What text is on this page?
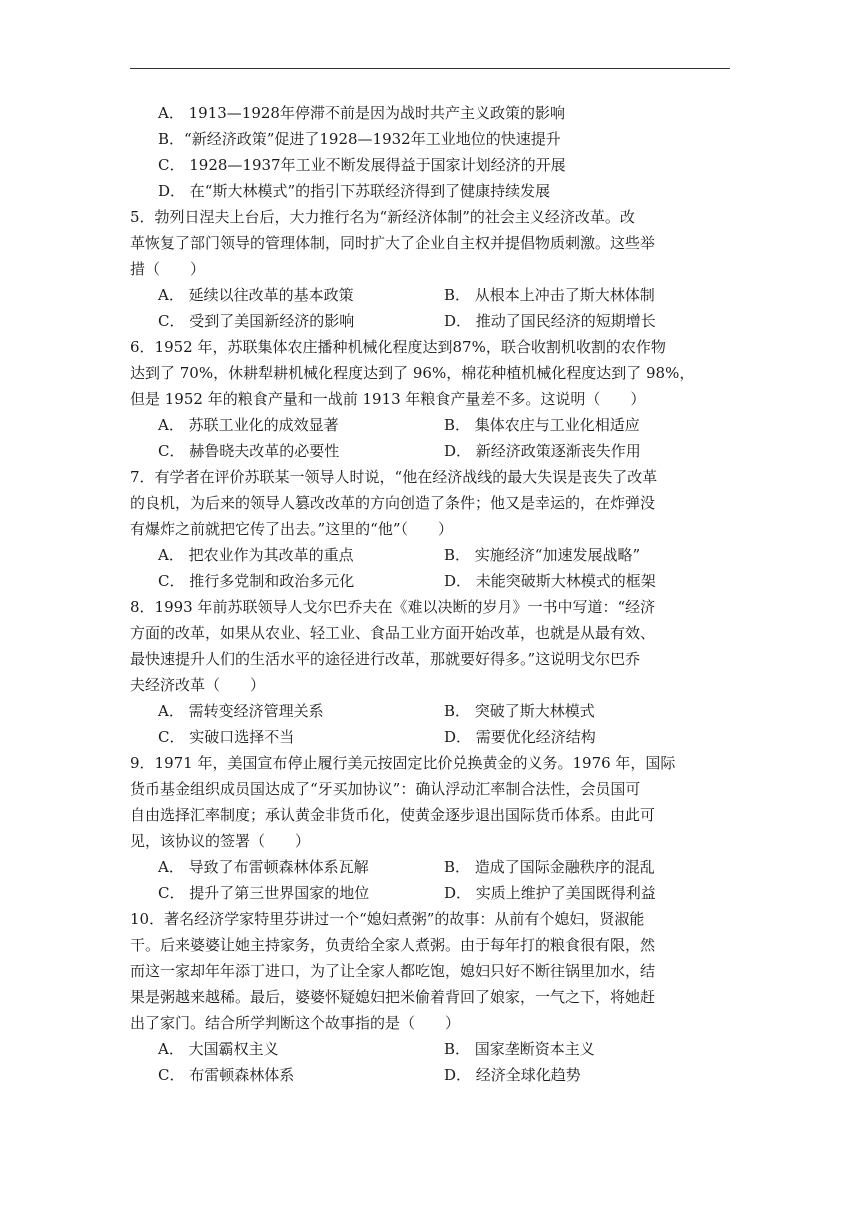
A． 1913—1928年停滞不前是因为战时共产主义政策的影响
B．“新经济政策”促进了1928—1932年工业地位的快速提升
C． 1928—1937年工业不断发展得益于国家计划经济的开展
D． 在“斯大林模式”的指引下苏联经济得到了健康持续发展

5．勃列日涅夫上台后，大力推行名为“新经济体制”的社会主义经济改革。改

革恢复了部门领导的管理体制，同时扩大了企业自主权并提倡物质刺激。这些举

措（　　）

A． 延续以往改革的基本政策	B． 从根本上冲击了斯大林体制
C． 受到了美国新经济的影响	D． 推动了国民经济的短期增长

6．1952 年，苏联集体农庄播种机械化程度达到87%，联合收割机收割的农作物

达到了 70%，休耕犁耕机械化程度达到了 96%，棉花种植机械化程度达到了 98%，

但是 1952 年的粮食产量和一战前 1913 年粮食产量差不多。这说明（　　）

A． 苏联工业化的成效显著	B． 集体农庄与工业化相适应
C． 赫鲁晓夫改革的必要性	D． 新经济政策逐渐丧失作用

7．有学者在评价苏联某一领导人时说，“他在经济战线的最大失误是丧失了改革

的良机，为后来的领导人篡改改革的方向创造了条件；他又是幸运的，在炸弹没

有爆炸之前就把它传了出去。”这里的“他”（　　）

A． 把农业作为其改革的重点	B． 实施经济“加速发展战略”
C． 推行多党制和政治多元化	D． 未能突破斯大林模式的框架

8．1993 年前苏联领导人戈尔巴乔夫在《难以决断的岁月》一书中写道：“经济

方面的改革，如果从农业、轻工业、食品工业方面开始改革，也就是从最有效、

最快速提升人们的生活水平的途径进行改革，那就要好得多。”这说明戈尔巴乔

夫经济改革（　　）

A． 需转变经济管理关系	B． 突破了斯大林模式
C． 实破口选择不当	D． 需要优化经济结构

9．1971 年，美国宣布停止履行美元按固定比价兑换黄金的义务。1976 年，国际

货币基金组织成员国达成了“牙买加协议”：确认浮动汇率制合法性，会员国可

自由选择汇率制度；承认黄金非货币化，使黄金逐步退出国际货币体系。由此可

见，该协议的签署（　　）

A． 导致了布雷顿森林体系瓦解	B． 造成了国际金融秩序的混乱
C． 提升了第三世界国家的地位	D． 实质上维护了美国既得利益

10．著名经济学家特里芬讲过一个“媳妇煮粥”的故事：从前有个媳妇，贤淑能

干。后来婆婆让她主持家务，负责给全家人煮粥。由于每年打的粮食很有限，然

而这一家却年年添丁进口，为了让全家人都吃饱，媳妇只好不断往锅里加水，结

果是粥越来越稀。最后，婆婆怀疑媳妇把米偷着背回了娘家，一气之下，将她赶

出了家门。结合所学判断这个故事指的是（　　）

A． 大国霸权主义	B． 国家垄断资本主义
C． 布雷顿森林体系	D． 经济全球化趋势
